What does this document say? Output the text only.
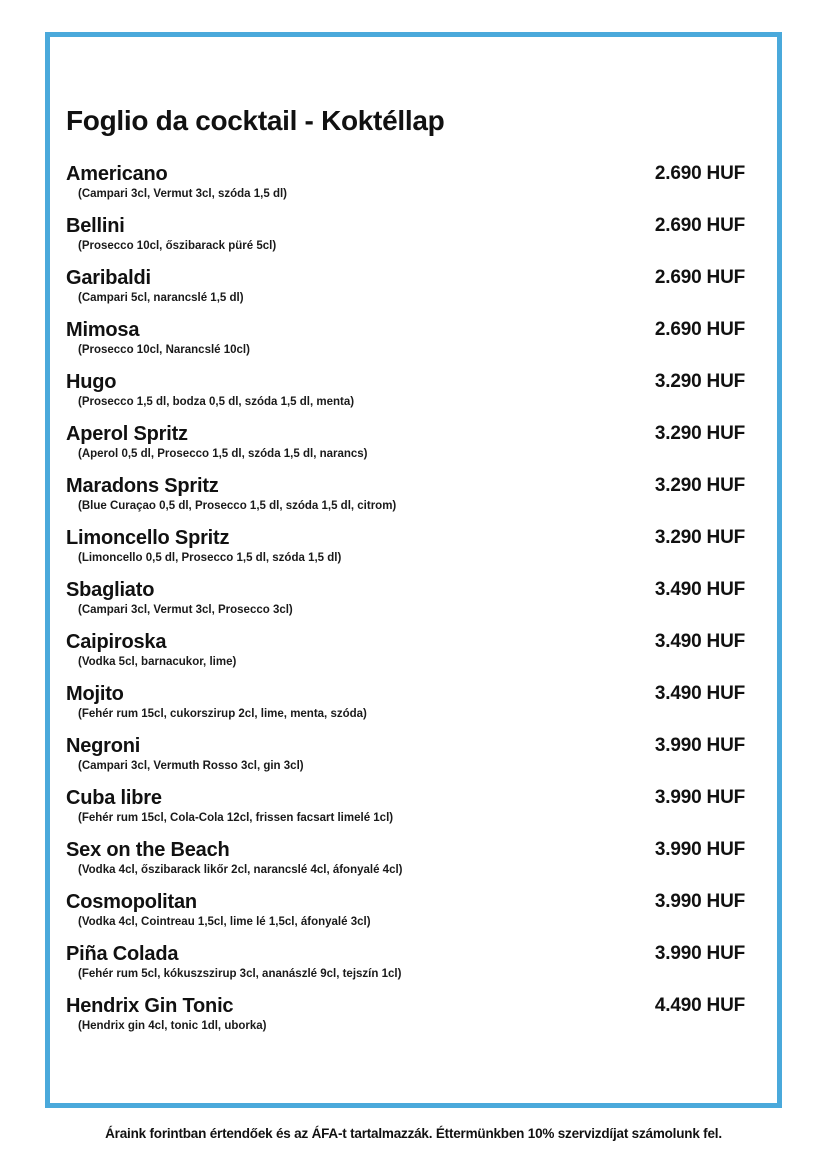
Foglio da cocktail - Koktéllap
Americano
(Campari 3cl, Vermut 3cl, szóda 1,5 dl)
2.690 HUF
Bellini
(Prosecco 10cl, őszibarack püré 5cl)
2.690 HUF
Garibaldi
(Campari 5cl, narancslé 1,5 dl)
2.690 HUF
Mimosa
(Prosecco 10cl, Narancslé 10cl)
2.690 HUF
Hugo
(Prosecco 1,5 dl, bodza 0,5 dl, szóda 1,5 dl, menta)
3.290 HUF
Aperol Spritz
(Aperol 0,5 dl, Prosecco 1,5 dl, szóda 1,5 dl, narancs)
3.290 HUF
Maradons Spritz
(Blue Curaçao 0,5 dl, Prosecco 1,5 dl, szóda 1,5 dl, citrom)
3.290 HUF
Limoncello Spritz
(Limoncello 0,5 dl, Prosecco 1,5 dl, szóda 1,5 dl)
3.290 HUF
Sbagliato
(Campari 3cl, Vermut 3cl, Prosecco 3cl)
3.490 HUF
Caipiroska
(Vodka 5cl, barnacukor, lime)
3.490 HUF
Mojito
(Fehér rum 15cl, cukorszirup 2cl, lime, menta, szóda)
3.490 HUF
Negroni
(Campari 3cl, Vermuth Rosso 3cl, gin 3cl)
3.990 HUF
Cuba libre
(Fehér rum 15cl, Cola-Cola 12cl, frissen facsart limelé 1cl)
3.990 HUF
Sex on the Beach
(Vodka 4cl, őszibarack likőr 2cl, narancslé 4cl, áfonyalé 4cl)
3.990 HUF
Cosmopolitan
(Vodka 4cl, Cointreau 1,5cl, lime lé 1,5cl, áfonyalé 3cl)
3.990 HUF
Piña Colada
(Fehér rum 5cl, kókuszszirup 3cl, ananászlé 9cl, tejszín 1cl)
3.990 HUF
Hendrix Gin Tonic
(Hendrix gin 4cl, tonic 1dl, uborka)
4.490 HUF
Áraink forintban értendőek és az ÁFA-t tartalmazzák. Éttermünkben 10% szervizdíjat számolunk fel.
